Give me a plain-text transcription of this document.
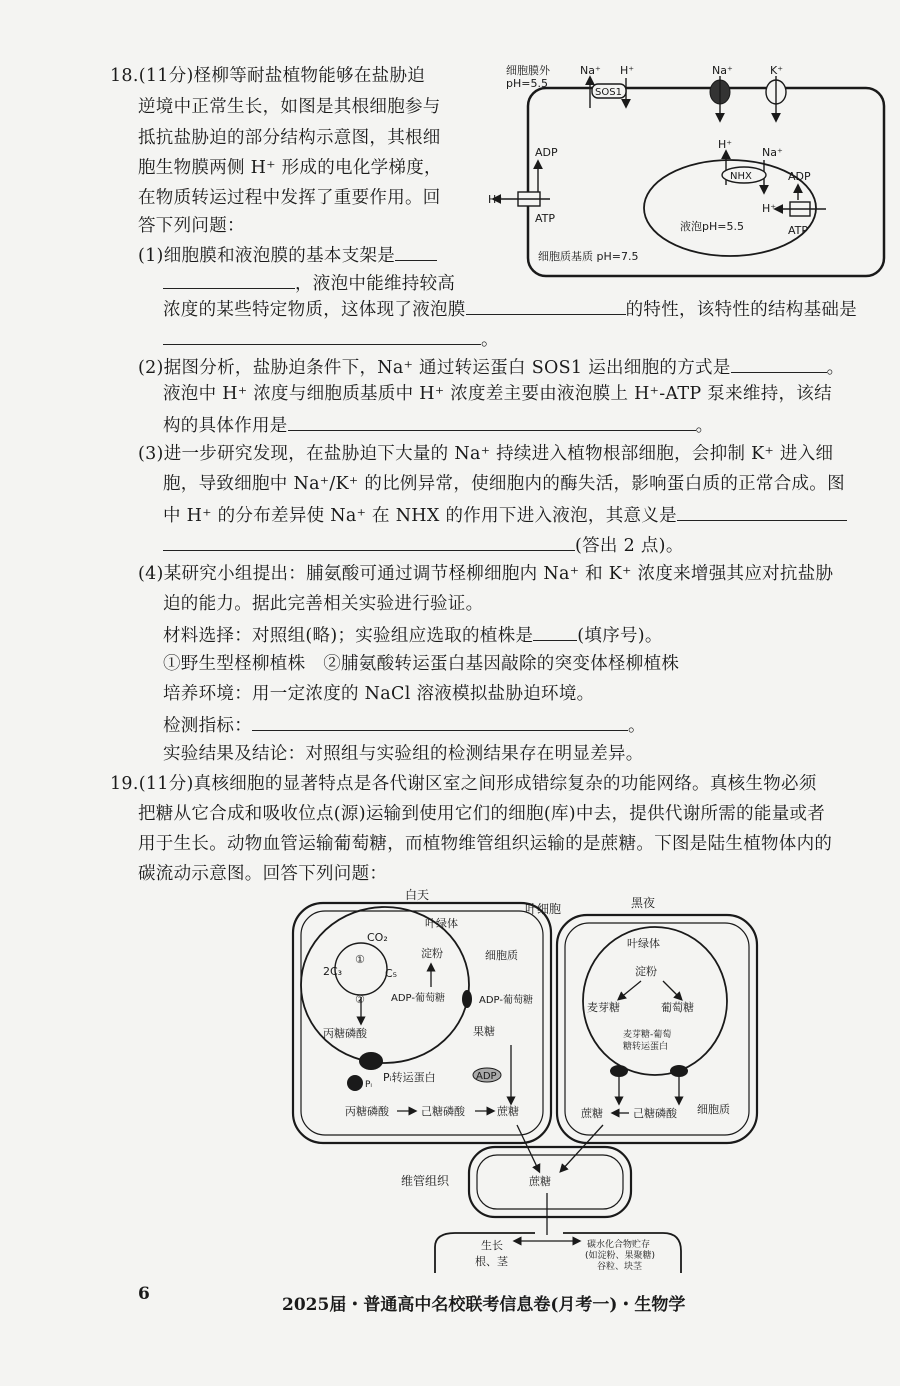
18.(11分)柽柳等耐盐植物能够在盐胁迫
逆境中正常生长，如图是其根细胞参与
抵抗盐胁迫的部分结构示意图，其根细
胞生物膜两侧 H⁺ 形成的电化学梯度，
在物质转运过程中发挥了重要作用。回
答下列问题：
(1)细胞膜和液泡膜的基本支架是
，液泡中能维持较高
浓度的某些特定物质，这体现了液泡膜	的特性，该特性的结构基础是
。
(2)据图分析，盐胁迫条件下，Na⁺ 通过转运蛋白 SOS1 运出细胞的方式是	。
液泡中 H⁺ 浓度与细胞质基质中 H⁺ 浓度差主要由液泡膜上 H⁺-ATP 泵来维持，该结
构的具体作用是	。
(3)进一步研究发现，在盐胁迫下大量的 Na⁺ 持续进入植物根部细胞，会抑制 K⁺ 进入细
胞，导致细胞中 Na⁺/K⁺ 的比例异常，使细胞内的酶失活，影响蛋白质的正常合成。图
中 H⁺ 的分布差异使 Na⁺ 在 NHX 的作用下进入液泡，其意义是
(答出 2 点)。
(4)某研究小组提出：脯氨酸可通过调节柽柳细胞内 Na⁺ 和 K⁺ 浓度来增强其应对抗盐胁
迫的能力。据此完善相关实验进行验证。
材料选择：对照组(略)；实验组应选取的植株是	(填序号)。
①野生型柽柳植株　②脯氨酸转运蛋白基因敲除的突变体柽柳植株
培养环境：用一定浓度的 NaCl 溶液模拟盐胁迫环境。
检测指标：	。
实验结果及结论：对照组与实验组的检测结果存在明显差异。
细胞膜外
pH=5.5
Na⁺ H⁺
SOS1
Na⁺	K⁺
ADP
H⁺
ATP
液泡pH=5.5
H⁺
Na⁺
NHX	ADP
H⁺
ATP
细胞质基质 pH=7.5
19.(11分)真核细胞的显著特点是各代谢区室之间形成错综复杂的功能网络。真核生物必须
把糖从它合成和吸收位点(源)运输到使用它们的细胞(库)中去，提供代谢所需的能量或者
用于生长。动物血管运输葡萄糖，而植物维管组织运输的是蔗糖。下图是陆生植物体内的
碳流动示意图。回答下列问题：
白天
叶细胞	黑夜
叶绿体
CO₂
2C₃	C₅
①
②
淀粉
ADP-葡萄糖	ADP-葡萄糖
细胞质
丙糖磷酸	果糖
Pᵢ
Pᵢ转运蛋白	ADP
丙糖磷酸	己糖磷酸	蔗糖
叶绿体
淀粉
麦芽糖	葡萄糖
麦芽糖-葡萄
糖转运蛋白
蔗糖	己糖磷酸 细胞质
维管组织	蔗糖
生长
根、茎
碳水化合物贮存
(如淀粉、果聚糖)
谷粒、块茎
6
2025届・普通高中名校联考信息卷(月考一)・生物学
